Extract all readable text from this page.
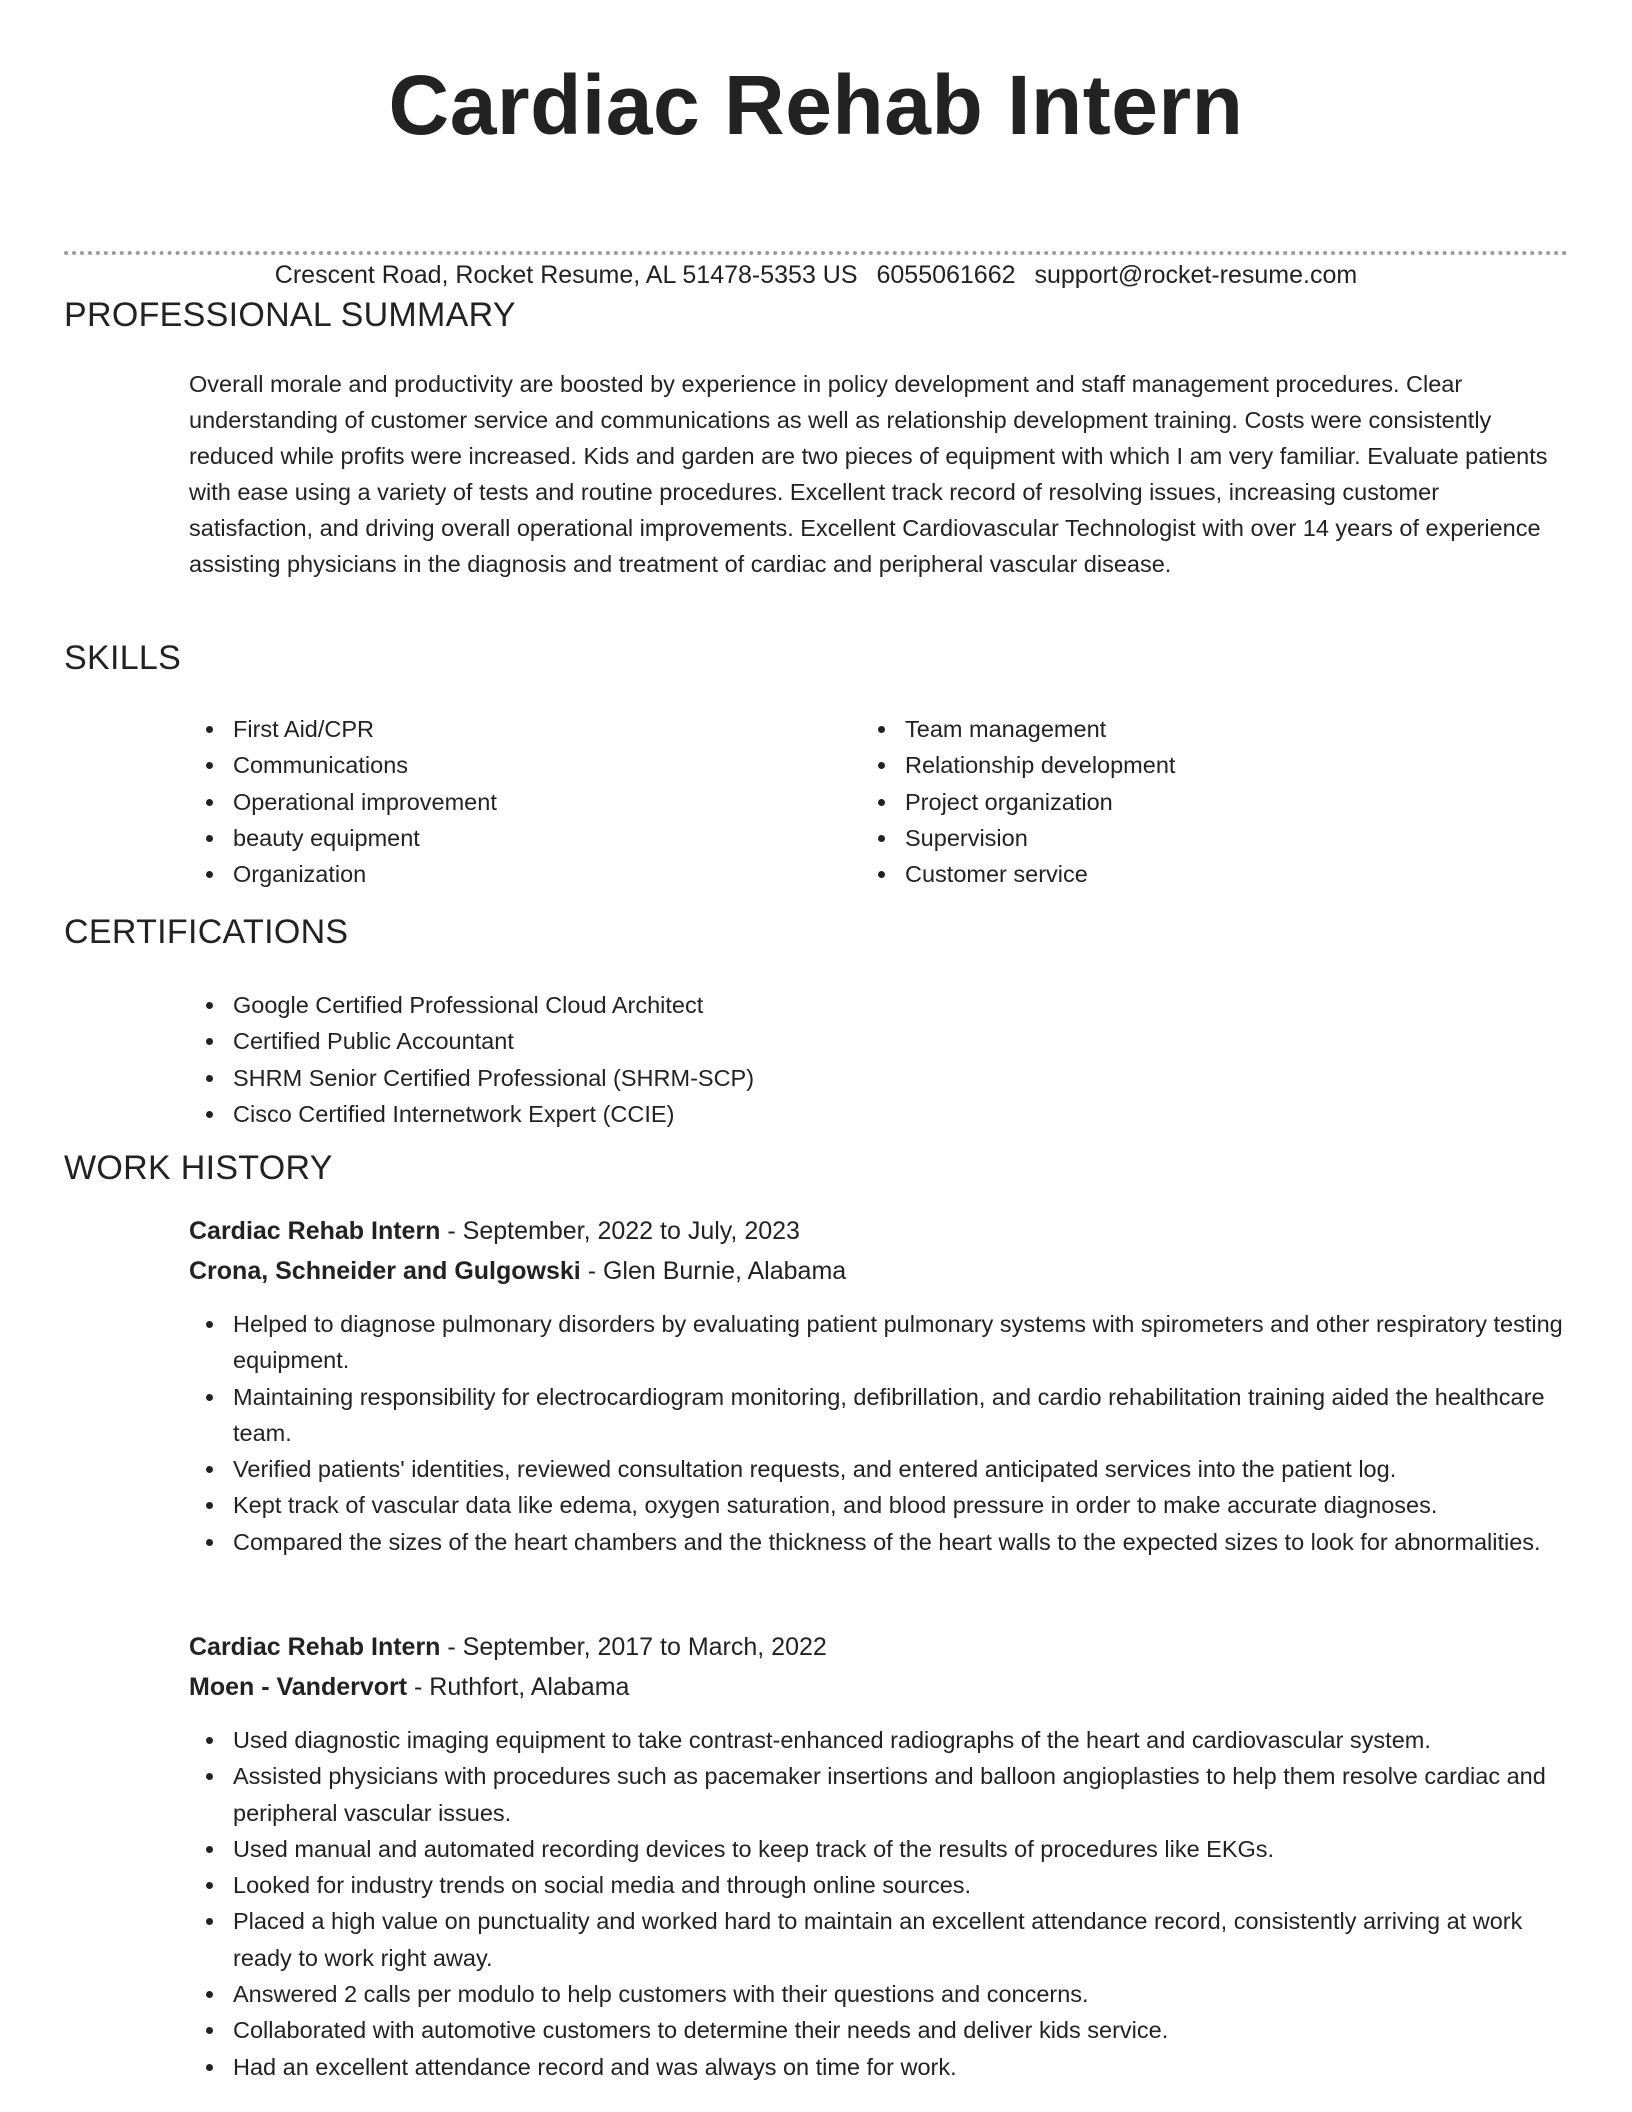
Cardiac Rehab Intern
Crescent Road, Rocket Resume, AL 51478-5353 US 6055061662 support@rocket-resume.com
PROFESSIONAL SUMMARY

Overall morale and productivity are boosted by experience in policy development and staff management procedures. Clear understanding of customer service and communications as well as relationship development training. Costs were consistently reduced while profits were increased. Kids and garden are two pieces of equipment with which I am very familiar. Evaluate patients with ease using a variety of tests and routine procedures. Excellent track record of resolving issues, increasing customer satisfaction, and driving overall operational improvements. Excellent Cardiovascular Technologist with over 14 years of experience assisting physicians in the diagnosis and treatment of cardiac and peripheral vascular disease.

SKILLS
First Aid/CPR
Communications
Operational improvement
beauty equipment
Organization
Team management
Relationship development
Project organization
Supervision
Customer service
CERTIFICATIONS
Google Certified Professional Cloud Architect
Certified Public Accountant
SHRM Senior Certified Professional (SHRM-SCP)
Cisco Certified Internetwork Expert (CCIE)
WORK HISTORY
Cardiac Rehab Intern - September, 2022 to July, 2023
Crona, Schneider and Gulgowski - Glen Burnie, Alabama
Helped to diagnose pulmonary disorders by evaluating patient pulmonary systems with spirometers and other respiratory testing equipment.
Maintaining responsibility for electrocardiogram monitoring, defibrillation, and cardio rehabilitation training aided the healthcare team.
Verified patients' identities, reviewed consultation requests, and entered anticipated services into the patient log.
Kept track of vascular data like edema, oxygen saturation, and blood pressure in order to make accurate diagnoses.
Compared the sizes of the heart chambers and the thickness of the heart walls to the expected sizes to look for abnormalities.
Cardiac Rehab Intern - September, 2017 to March, 2022
Moen - Vandervort - Ruthfort, Alabama
Used diagnostic imaging equipment to take contrast-enhanced radiographs of the heart and cardiovascular system.
Assisted physicians with procedures such as pacemaker insertions and balloon angioplasties to help them resolve cardiac and peripheral vascular issues.
Used manual and automated recording devices to keep track of the results of procedures like EKGs.
Looked for industry trends on social media and through online sources.
Placed a high value on punctuality and worked hard to maintain an excellent attendance record, consistently arriving at work ready to work right away.
Answered 2 calls per modulo to help customers with their questions and concerns.
Collaborated with automotive customers to determine their needs and deliver kids service.
Had an excellent attendance record and was always on time for work.
